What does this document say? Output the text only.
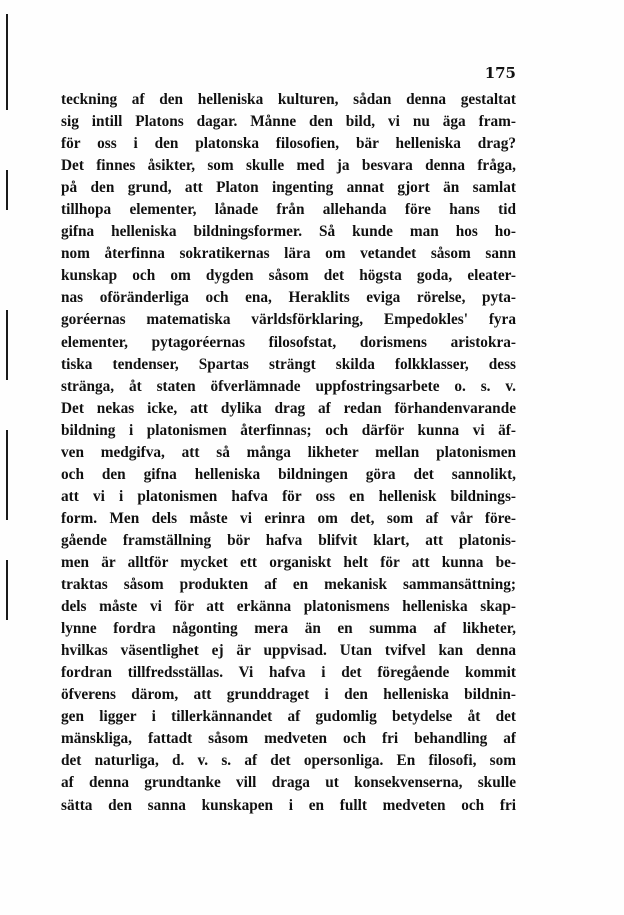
175
teckning af den helleniska kulturen, sådan denna gestaltat
sig intill Platons dagar. Månne den bild, vi nu äga fram-
för oss i den platonska filosofien, bär helleniska drag?
Det finnes åsikter, som skulle med ja besvara denna fråga,
på den grund, att Platon ingenting annat gjort än samlat
tillhopa elementer, lånade från allehanda före hans tid
gifna helleniska bildningsformer. Så kunde man hos ho-
nom återfinna sokratikernas lära om vetandet såsom sann
kunskap och om dygden såsom det högsta goda, eleater-
nas oföränderliga och ena, Heraklits eviga rörelse, pyta-
goréernas matematiska världsförklaring, Empedokles' fyra
elementer, pytagoréernas filosofstat, dorismens aristokra-
tiska tendenser, Spartas strängt skilda folkklasser, dess
stränga, åt staten öfverlämnade uppfostringsarbete o. s. v.
Det nekas icke, att dylika drag af redan förhandenvarande
bildning i platonismen återfinnas; och därför kunna vi äf-
ven medgifva, att så många likheter mellan platonismen
och den gifna helleniska bildningen göra det sannolikt,
att vi i platonismen hafva för oss en hellenisk bildnings-
form. Men dels måste vi erinra om det, som af vår före-
gående framställning bör hafva blifvit klart, att platonis-
men är alltför mycket ett organiskt helt för att kunna be-
traktas såsom produkten af en mekanisk sammansättning;
dels måste vi för att erkänna platonismens helleniska skap-
lynne fordra någonting mera än en summa af likheter,
hvilkas väsentlighet ej är uppvisad. Utan tvifvel kan denna
fordran tillfredsställas. Vi hafva i det föregående kommit
öfverens därom, att grunddraget i den helleniska bildnin-
gen ligger i tillerkännandet af gudomlig betydelse åt det
mänskliga, fattadt såsom medveten och fri behandling af
det naturliga, d. v. s. af det opersonliga. En filosofi, som
af denna grundtanke vill draga ut konsekvenserna, skulle
sätta den sanna kunskapen i en fullt medveten och fri
